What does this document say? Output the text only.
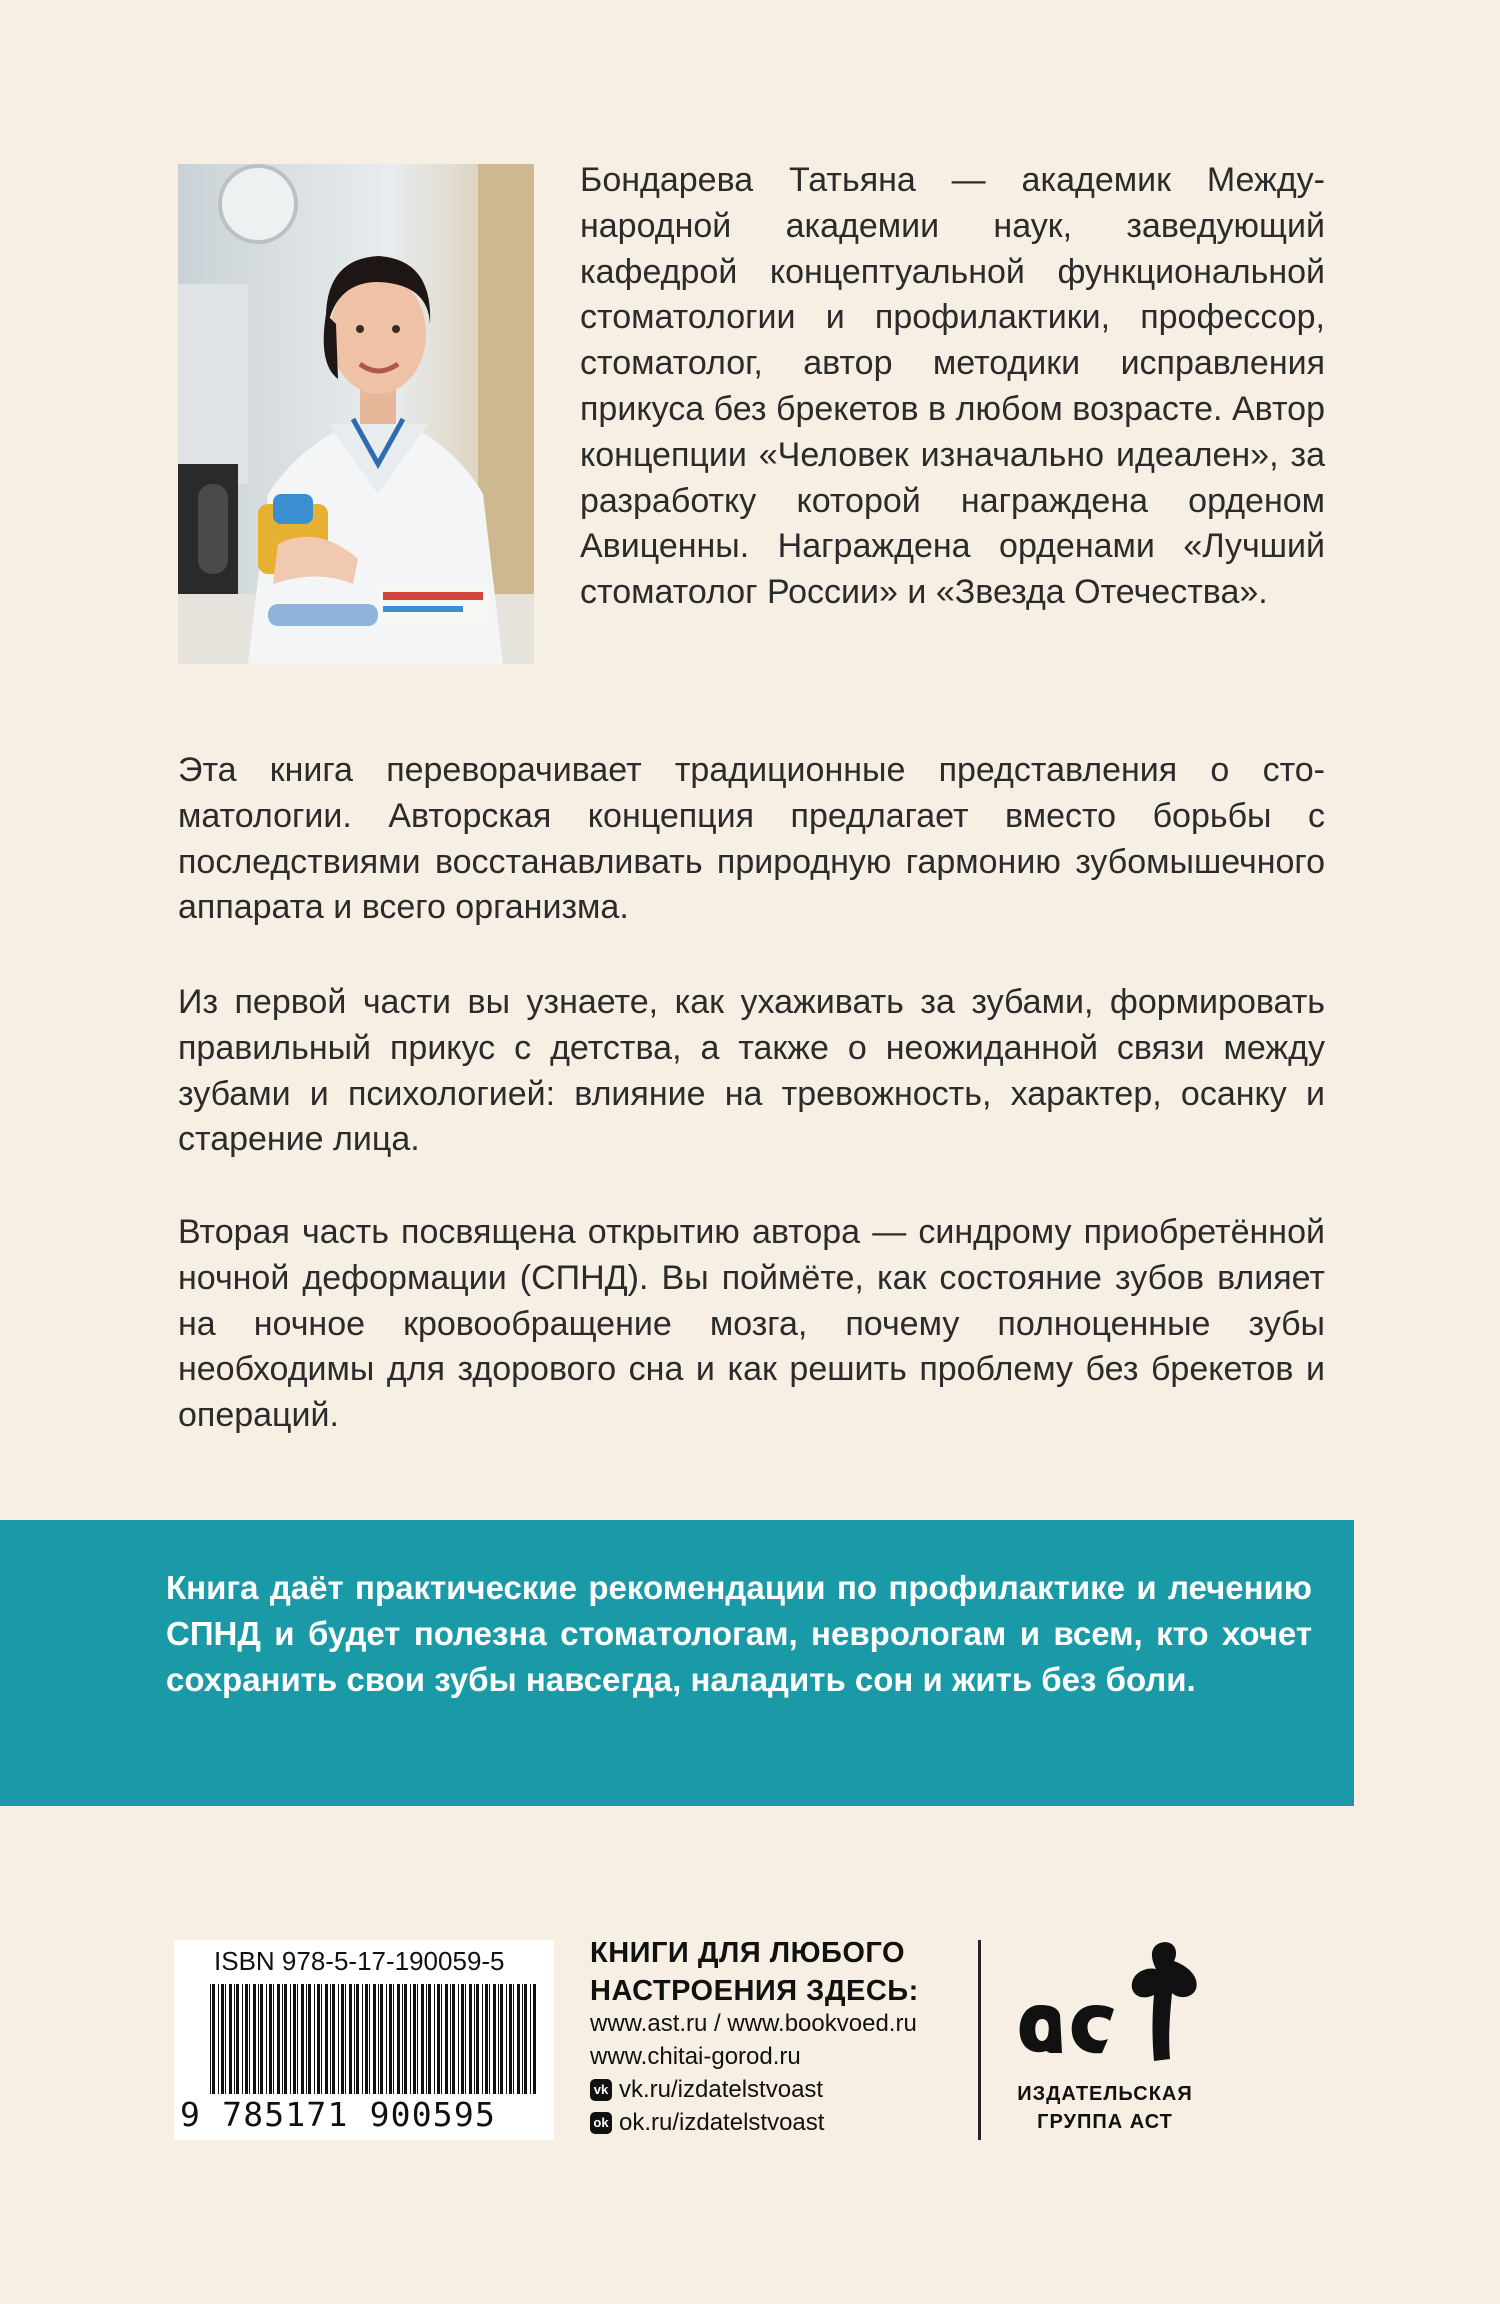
Бондарева Татьяна — академик Международной академии наук, заведующий кафедрой концептуальной функциональной стоматологии и профилактики, профессор, стоматолог, автор методики исправления прикуса без брекетов в любом возрасте. Автор концепции «Человек изначально идеален», за разработку которой награждена орденом Авиценны. Награждена орденами «Лучший стоматолог России» и «Звезда Отечества».

Эта книга переворачивает традиционные представления о стоматологии. Авторская концепция предлагает вместо борьбы с последствиями восстанавливать природную гармонию зубомышечного аппарата и всего организма.

Из первой части вы узнаете, как ухаживать за зубами, формировать правильный прикус с детства, а также о неожиданной связи между зубами и психологией: влияние на тревожность, характер, осанку и старение лица.

Вторая часть посвящена открытию автора — синдрому приобретённой ночной деформации (СПНД). Вы поймёте, как состояние зубов влияет на ночное кровообращение мозга, почему полноценные зубы необходимы для здорового сна и как решить проблему без брекетов и операций.

Книга даёт практические рекомендации по профилактике и лечению СПНД и будет полезна стоматологам, неврологам и всем, кто хочет сохранить свои зубы навсегда, наладить сон и жить без боли.

ISBN 978-5-17-190059-5
9 785171 900595
КНИГИ ДЛЯ ЛЮБОГО
НАСТРОЕНИЯ ЗДЕСЬ:
www.ast.ru / www.bookvoed.ru
www.chitai-gorod.ru
vk vk.ru/izdatelstvoast
ok ok.ru/izdatelstvoast
ИЗДАТЕЛЬСКАЯ
ГРУППА АСТ
